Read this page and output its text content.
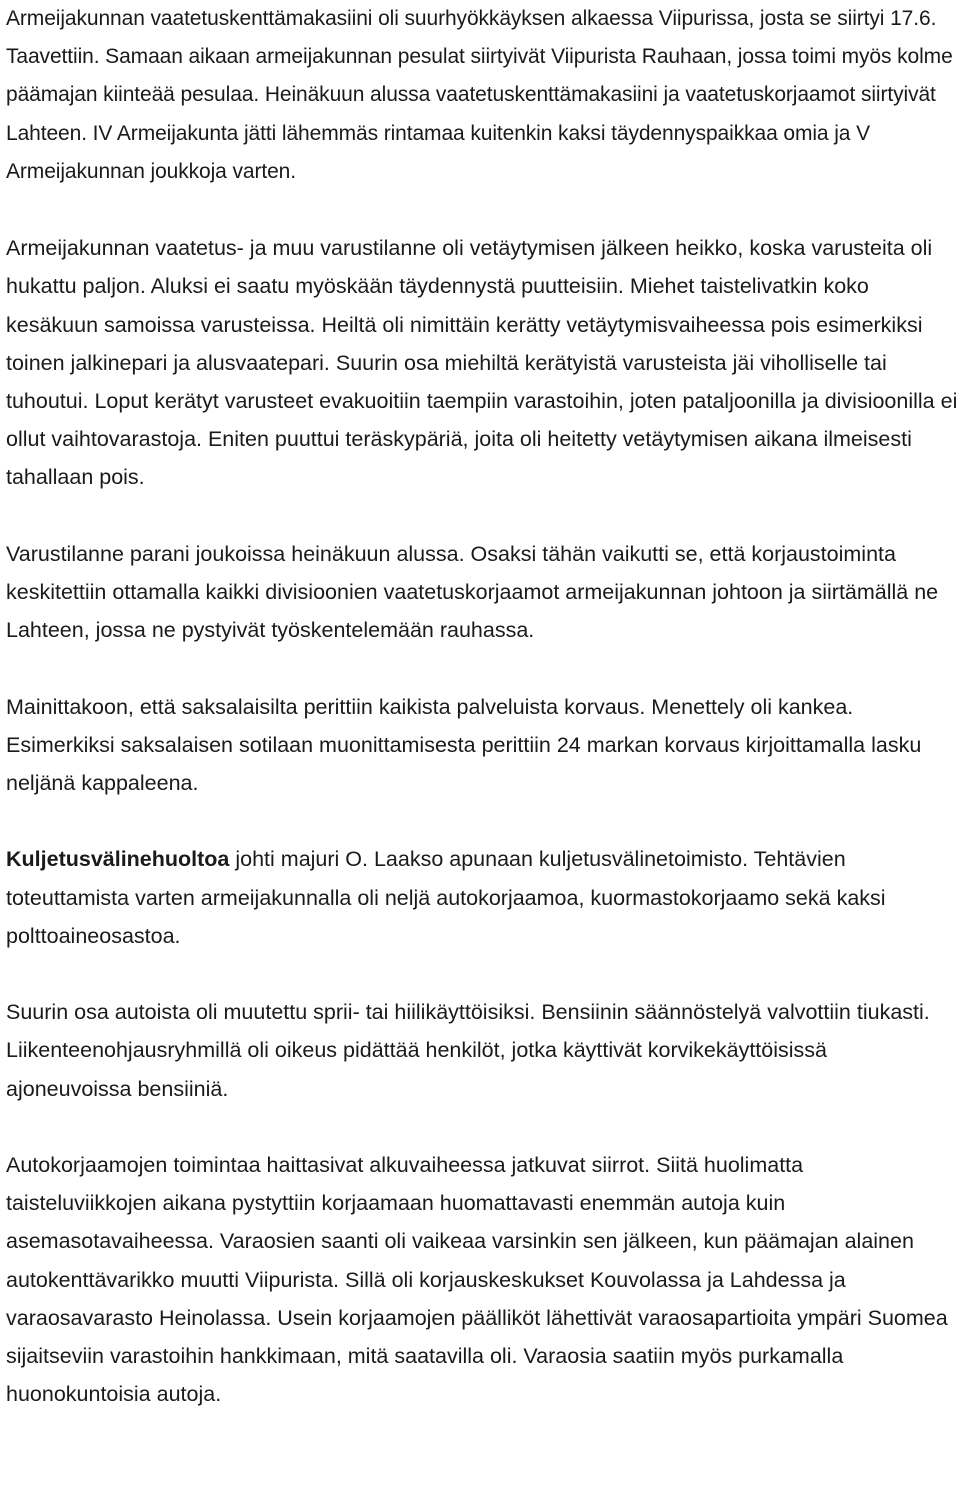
Armeijakunnan vaatetuskenttämakasiini oli suurhyökkäyksen alkaessa Viipurissa, josta se siirtyi 17.6. Taavettiin. Samaan aikaan armeijakunnan pesulat siirtyivät Viipurista Rauhaan, jossa toimi myös kolme päämajan kiinteää pesulaa. Heinäkuun alussa vaatetuskenttämakasiini ja vaatetuskorjaamot siirtyivät Lahteen. IV Armeijakunta jätti lähemmäs rintamaa kuitenkin kaksi täydennyspaikkaa omia ja V Armeijakunnan joukkoja varten.

Armeijakunnan vaatetus- ja muu varustilanne oli vetäytymisen jälkeen heikko, koska varusteita oli hukattu paljon. Aluksi ei saatu myöskään täydennystä puutteisiin. Miehet taistelivatkin koko kesäkuun samoissa varusteissa. Heiltä oli nimittäin kerätty vetäytymisvaiheessa pois esimerkiksi toinen jalkinepari ja alusvaatepari. Suurin osa miehiltä kerätyistä varusteista jäi viholliselle tai tuhoutui. Loput kerätyt varusteet evakuoitiin taempiin varastoihin, joten pataljoonilla ja divisioonilla ei ollut vaihtovarastoja. Eniten puuttui teräskypäriä, joita oli heitetty vetäytymisen aikana ilmeisesti tahallaan pois.

Varustilanne parani joukoissa heinäkuun alussa. Osaksi tähän vaikutti se, että korjaustoiminta keskitettiin ottamalla kaikki divisioonien vaatetuskorjaamot armeijakunnan johtoon ja siirtämällä ne Lahteen, jossa ne pystyivät työskentelemään rauhassa.

Mainittakoon, että saksalaisilta perittiin kaikista palveluista korvaus. Menettely oli kankea. Esimerkiksi saksalaisen sotilaan muonittamisesta perittiin 24 markan korvaus kirjoittamalla lasku neljänä kappaleena.

Kuljetusvälinehuoltoa johti majuri O. Laakso apunaan kuljetusvälinetoimisto. Tehtävien toteuttamista varten armeijakunnalla oli neljä autokorjaamoa, kuormastokorjaamo sekä kaksi polttoaineosastoa.

Suurin osa autoista oli muutettu sprii- tai hiilikäyttöisiksi. Bensiinin säännöstelyä valvottiin tiukasti. Liikenteenohjausryhmillä oli oikeus pidättää henkilöt, jotka käyttivät korvikekäyttöisissä ajoneuvoissa bensiiniä.

Autokorjaamojen toimintaa haittasivat alkuvaiheessa jatkuvat siirrot. Siitä huolimatta taisteluviikkojen aikana pystyttiin korjaamaan huomattavasti enemmän autoja kuin asemasotavaiheessa. Varaosien saanti oli vaikeaa varsinkin sen jälkeen, kun päämajan alainen autokenttävarikko muutti Viipurista. Sillä oli korjauskeskukset Kouvolassa ja Lahdessa ja varaosavarasto Heinolassa. Usein korjaamojen päälliköt lähettivät varaosapartioita ympäri Suomea sijaitseviin varastoihin hankkimaan, mitä saatavilla oli. Varaosia saatiin myös purkamalla huonokuntoisia autoja.
